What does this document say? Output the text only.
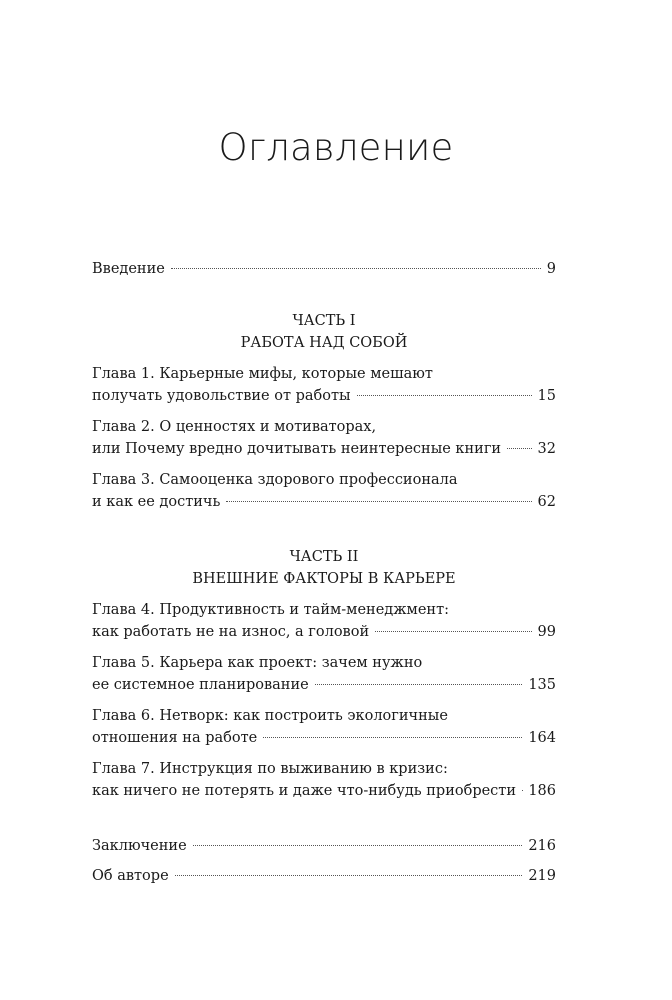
Оглавление
Введение	9
ЧАСТЬ I
РАБОТА НАД СОБОЙ
Глава 1. Карьерные мифы, которые мешают
получать удовольствие от работы	15
Глава 2. О ценностях и мотиваторах,
или Почему вредно дочитывать неинтересные книги	32
Глава 3. Самооценка здорового профессионала
и как ее достичь	62
ЧАСТЬ II
ВНЕШНИЕ ФАКТОРЫ В КАРЬЕРЕ
Глава 4. Продуктивность и тайм-менеджмент:
как работать не на износ, а головой	99
Глава 5. Карьера как проект: зачем нужно
ее системное планирование	135
Глава 6. Нетворк: как построить экологичные
отношения на работе	164
Глава 7. Инструкция по выживанию в кризис:
как ничего не потерять и даже что-нибудь приобрести 186
Заключение	216
Об авторе	219
